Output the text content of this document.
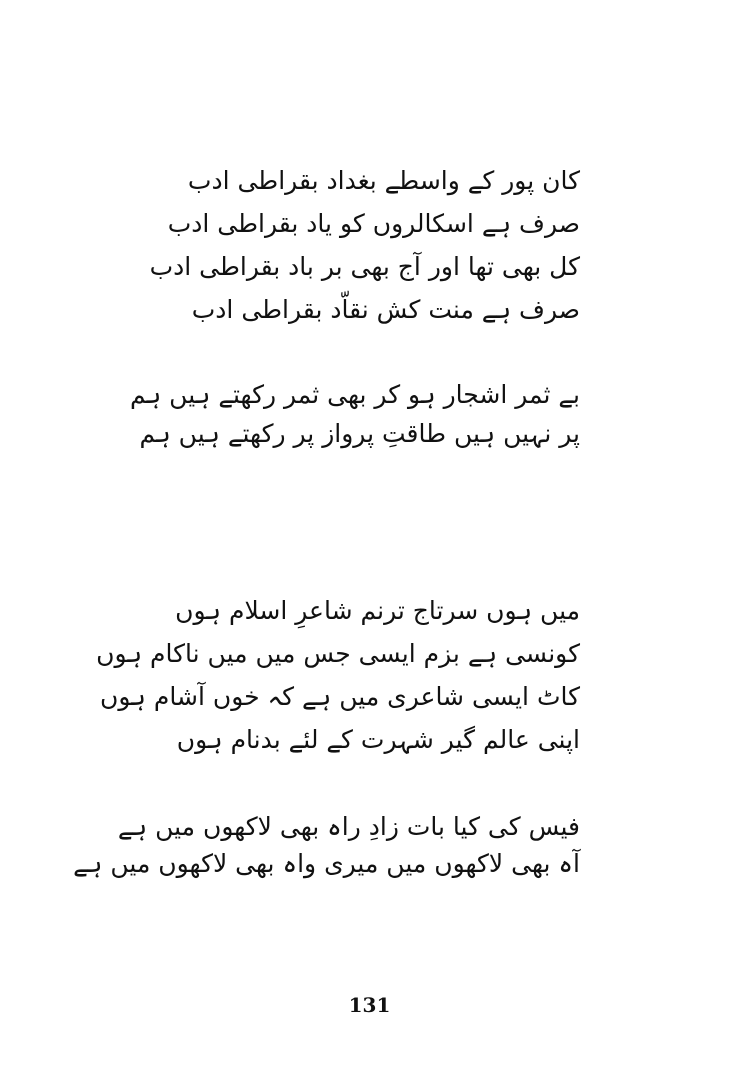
کان پور کے واسطے بغداد بقراطی ادب
صرف ہے اسکالروں کو یاد بقراطی ادب
کل بھی تھا اور آج بھی بر باد بقراطی ادب
صرف ہے منت کش نقاّد بقراطی ادب
بے ثمر اشجار ہو کر بھی ثمر رکھتے ہیں ہم
پر نہیں ہیں طاقتِ پرواز پر رکھتے ہیں ہم
میں ہوں سرتاج ترنم شاعرِ اسلام ہوں
کونسی ہے بزم ایسی جس میں میں ناکام ہوں
کاٹ ایسی شاعری میں ہے کہ خوں آشام ہوں
اپنی عالم گیر شہرت کے لئے بدنام ہوں
فیس کی کیا بات زادِ راہ بھی لاکھوں میں ہے
آہ بھی لاکھوں میں میری واہ بھی لاکھوں میں ہے
131
